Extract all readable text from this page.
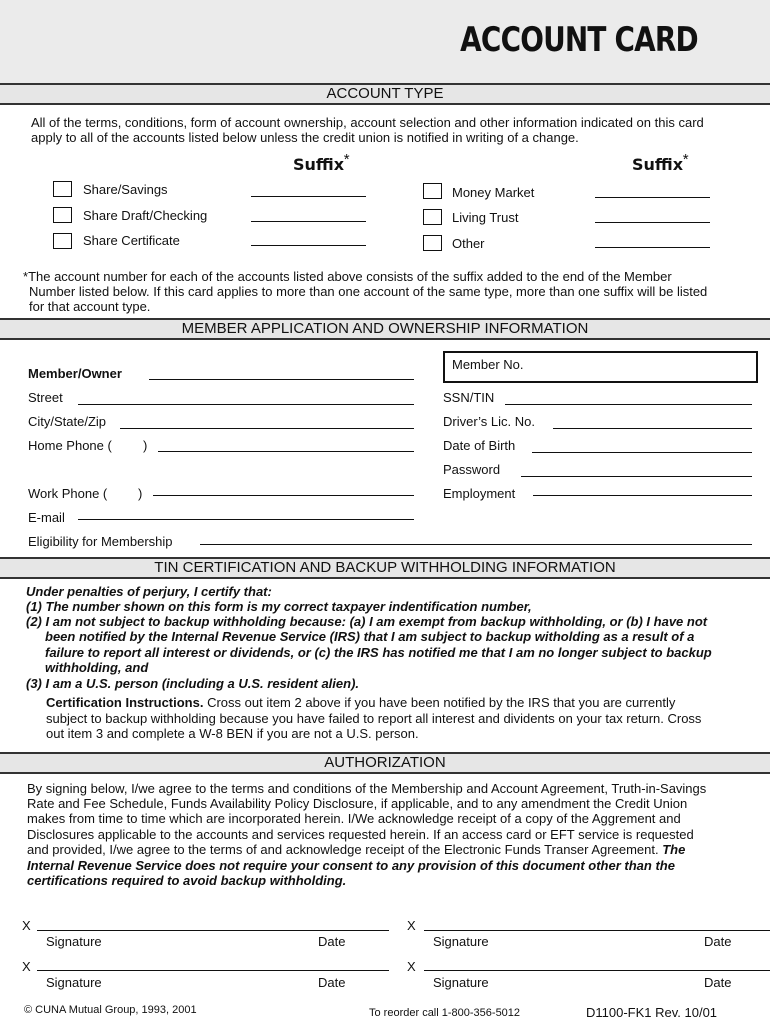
ACCOUNT CARD
ACCOUNT TYPE
All of the terms, conditions, form of account ownership, account selection and other information indicated on this card
apply to all of the accounts listed below unless the credit union is notified in writing of a change.
Suffix *	Suffix *
Share/Savings
Share Draft/Checking
Share Certificate
Money Market
Living Trust
Other
*The account number for each of the accounts listed above consists of the suffix added to the end of the Member
Number listed below. If this card applies to more than one account of the same type, more than one suffix will be listed
for that account type.
MEMBER APPLICATION AND OWNERSHIP INFORMATION
Member/Owner
Street
City/State/Zip
Home Phone ( )
Work Phone ( )
E-mail
Eligibility for Membership
Member No.
SSN/TIN
Driver’s Lic. No.
Date of Birth
Password
Employment
TIN CERTIFICATION AND BACKUP WITHHOLDING INFORMATION
Under penalties of perjury, I certify that:
(1) The number shown on this form is my correct taxpayer indentification number,
(2) I am not subject to backup withholding because: (a) I am exempt from backup withholding, or (b) I have not
been notified by the Internal Revenue Service (IRS) that I am subject to backup witholding as a result of a
failure to report all interest or dividends, or (c) the IRS has notified me that I am no longer subject to backup
withholding, and
(3) I am a U.S. person (including a U.S. resident alien).
Certification Instructions. Cross out item 2 above if you have been notified by the IRS that you are currently
subject to backup withholding because you have failed to report all interest and dividents on your tax return. Cross
out item 3 and complete a W-8 BEN if you are not a U.S. person.
AUTHORIZATION
By signing below, I/we agree to the terms and conditions of the Membership and Account Agreement, Truth-in-Savings
Rate and Fee Schedule, Funds Availability Policy Disclosure, if applicable, and to any amendment the Credit Union
makes from time to time which are incorporated herein. I/We acknowledge receipt of a copy of the Aggrement and
Disclosures applicable to the accounts and services requested herein. If an access card or EFT service is requested
and provided, I/we agree to the terms of and acknowledge receipt of the Electronic Funds Transer Agreement. The
Internal Revenue Service does not require your consent to any provision of this document other than the
certifications required to avoid backup withholding.
X
Signature	Date
X
Signature	Date
X
Signature	Date
X
Signature	Date
© CUNA Mutual Group, 1993, 2001	To reorder call 1-800-356-5012	D1100-FK1 Rev. 10/01
